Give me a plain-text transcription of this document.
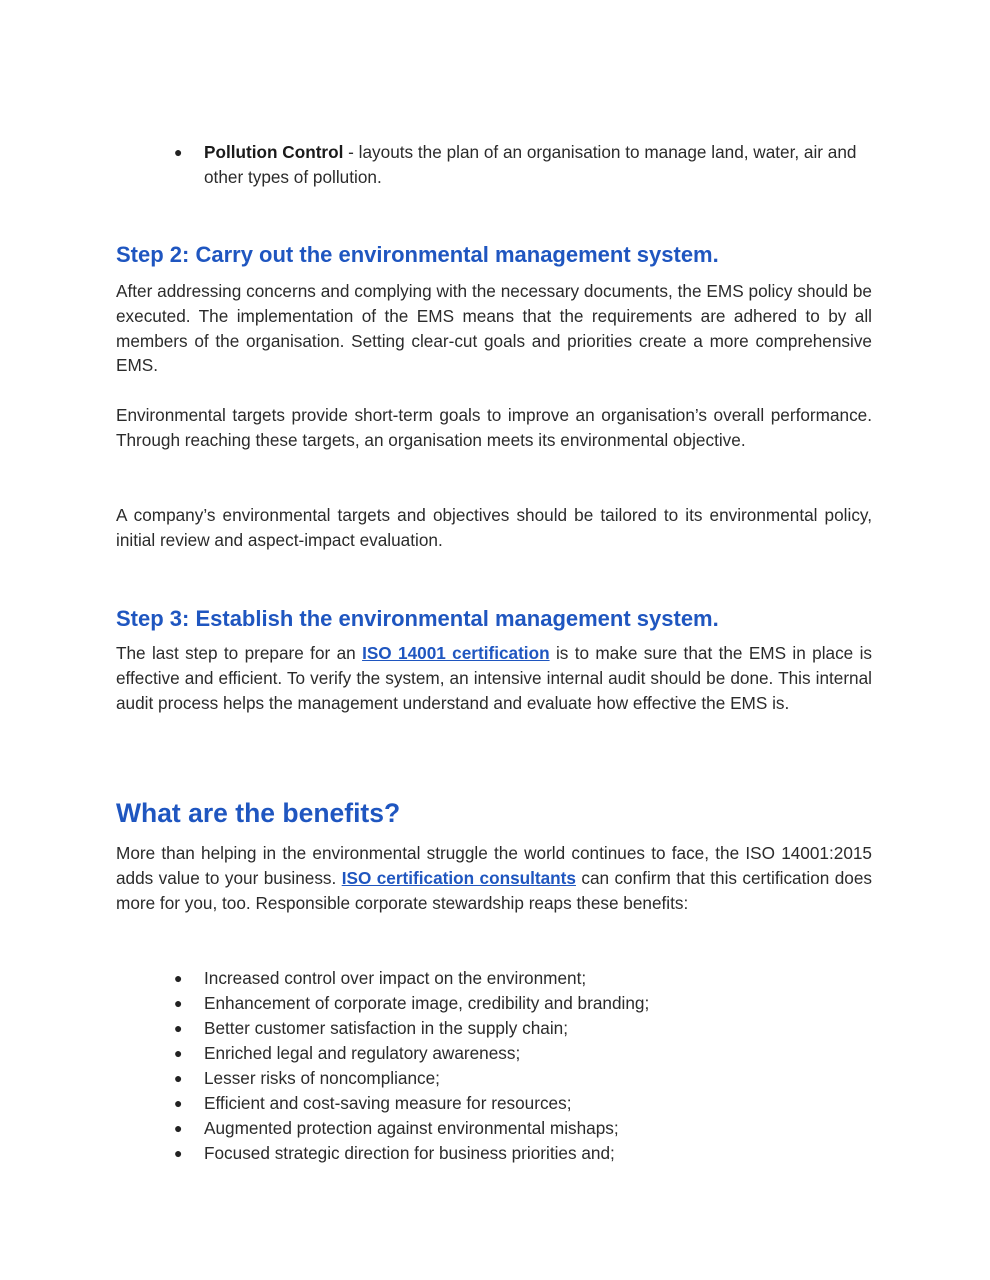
● Pollution Control - layouts the plan of an organisation to manage land, water, air and other types of pollution.
Step 2: Carry out the environmental management system.

After addressing concerns and complying with the necessary documents, the EMS policy should be executed. The implementation of the EMS means that the requirements are adhered to by all members of the organisation. Setting clear-cut goals and priorities create a more comprehensive EMS.

Environmental targets provide short-term goals to improve an organisation’s overall performance. Through reaching these targets, an organisation meets its environmental objective.

A company’s environmental targets and objectives should be tailored to its environmental policy, initial review and aspect-impact evaluation.

Step 3: Establish the environmental management system.

The last step to prepare for an ISO 14001 certification is to make sure that the EMS in place is effective and efficient. To verify the system, an intensive internal audit should be done. This internal audit process helps the management understand and evaluate how effective the EMS is.

What are the benefits?

More than helping in the environmental struggle the world continues to face, the ISO 14001:2015 adds value to your business. ISO certification consultants can confirm that this certification does more for you, too. Responsible corporate stewardship reaps these benefits:

● Increased control over impact on the environment;
● Enhancement of corporate image, credibility and branding;
● Better customer satisfaction in the supply chain;
● Enriched legal and regulatory awareness;
● Lesser risks of noncompliance;
● Efficient and cost-saving measure for resources;
● Augmented protection against environmental mishaps;
● Focused strategic direction for business priorities and;
